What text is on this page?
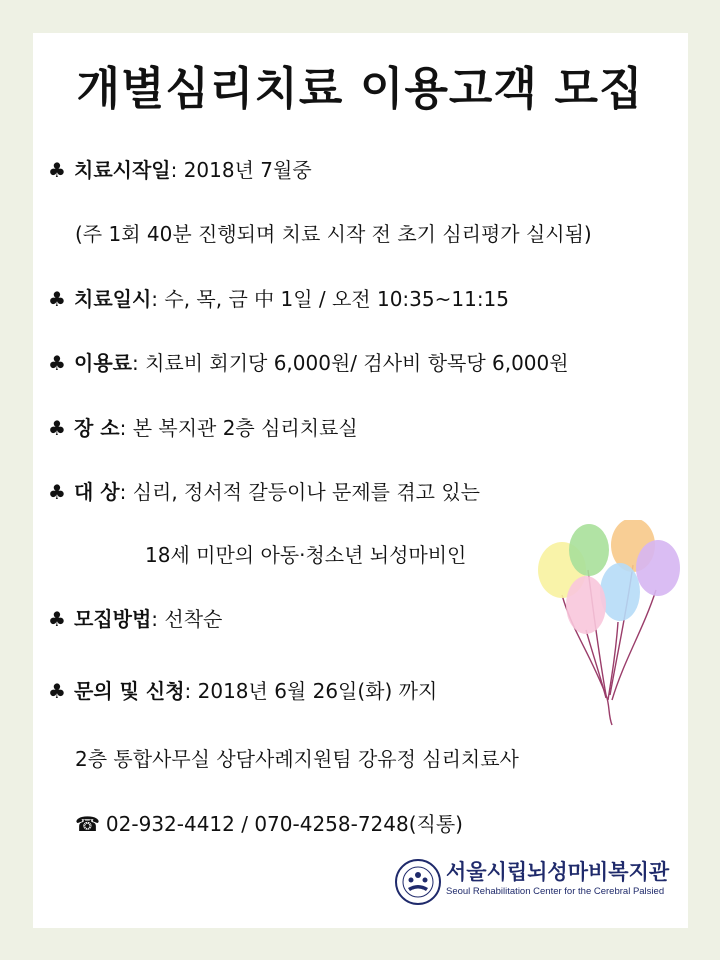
개별심리치료 이용고객 모집
♣ 치료시작일: 2018년 7월중
(주 1회 40분 진행되며 치료 시작 전 초기 심리평가 실시됨)
♣ 치료일시: 수, 목, 금 中 1일 / 오전 10:35~11:15
♣ 이용료: 치료비 회기당 6,000원/ 검사비 항목당 6,000원
♣ 장 소: 본 복지관 2층 심리치료실
♣ 대 상: 심리, 정서적 갈등이나 문제를 겪고 있는
18세 미만의 아동·청소년 뇌성마비인
♣ 모집방법: 선착순
♣ 문의 및 신청: 2018년 6월 26일(화) 까지
2층 통합사무실 상담사례지원팀 강유정 심리치료사
☎ 02-932-4412 / 070-4258-7248(직통)
서울시립뇌성마비복지관
Seoul Rehabilitation Center for the Cerebral Palsied
